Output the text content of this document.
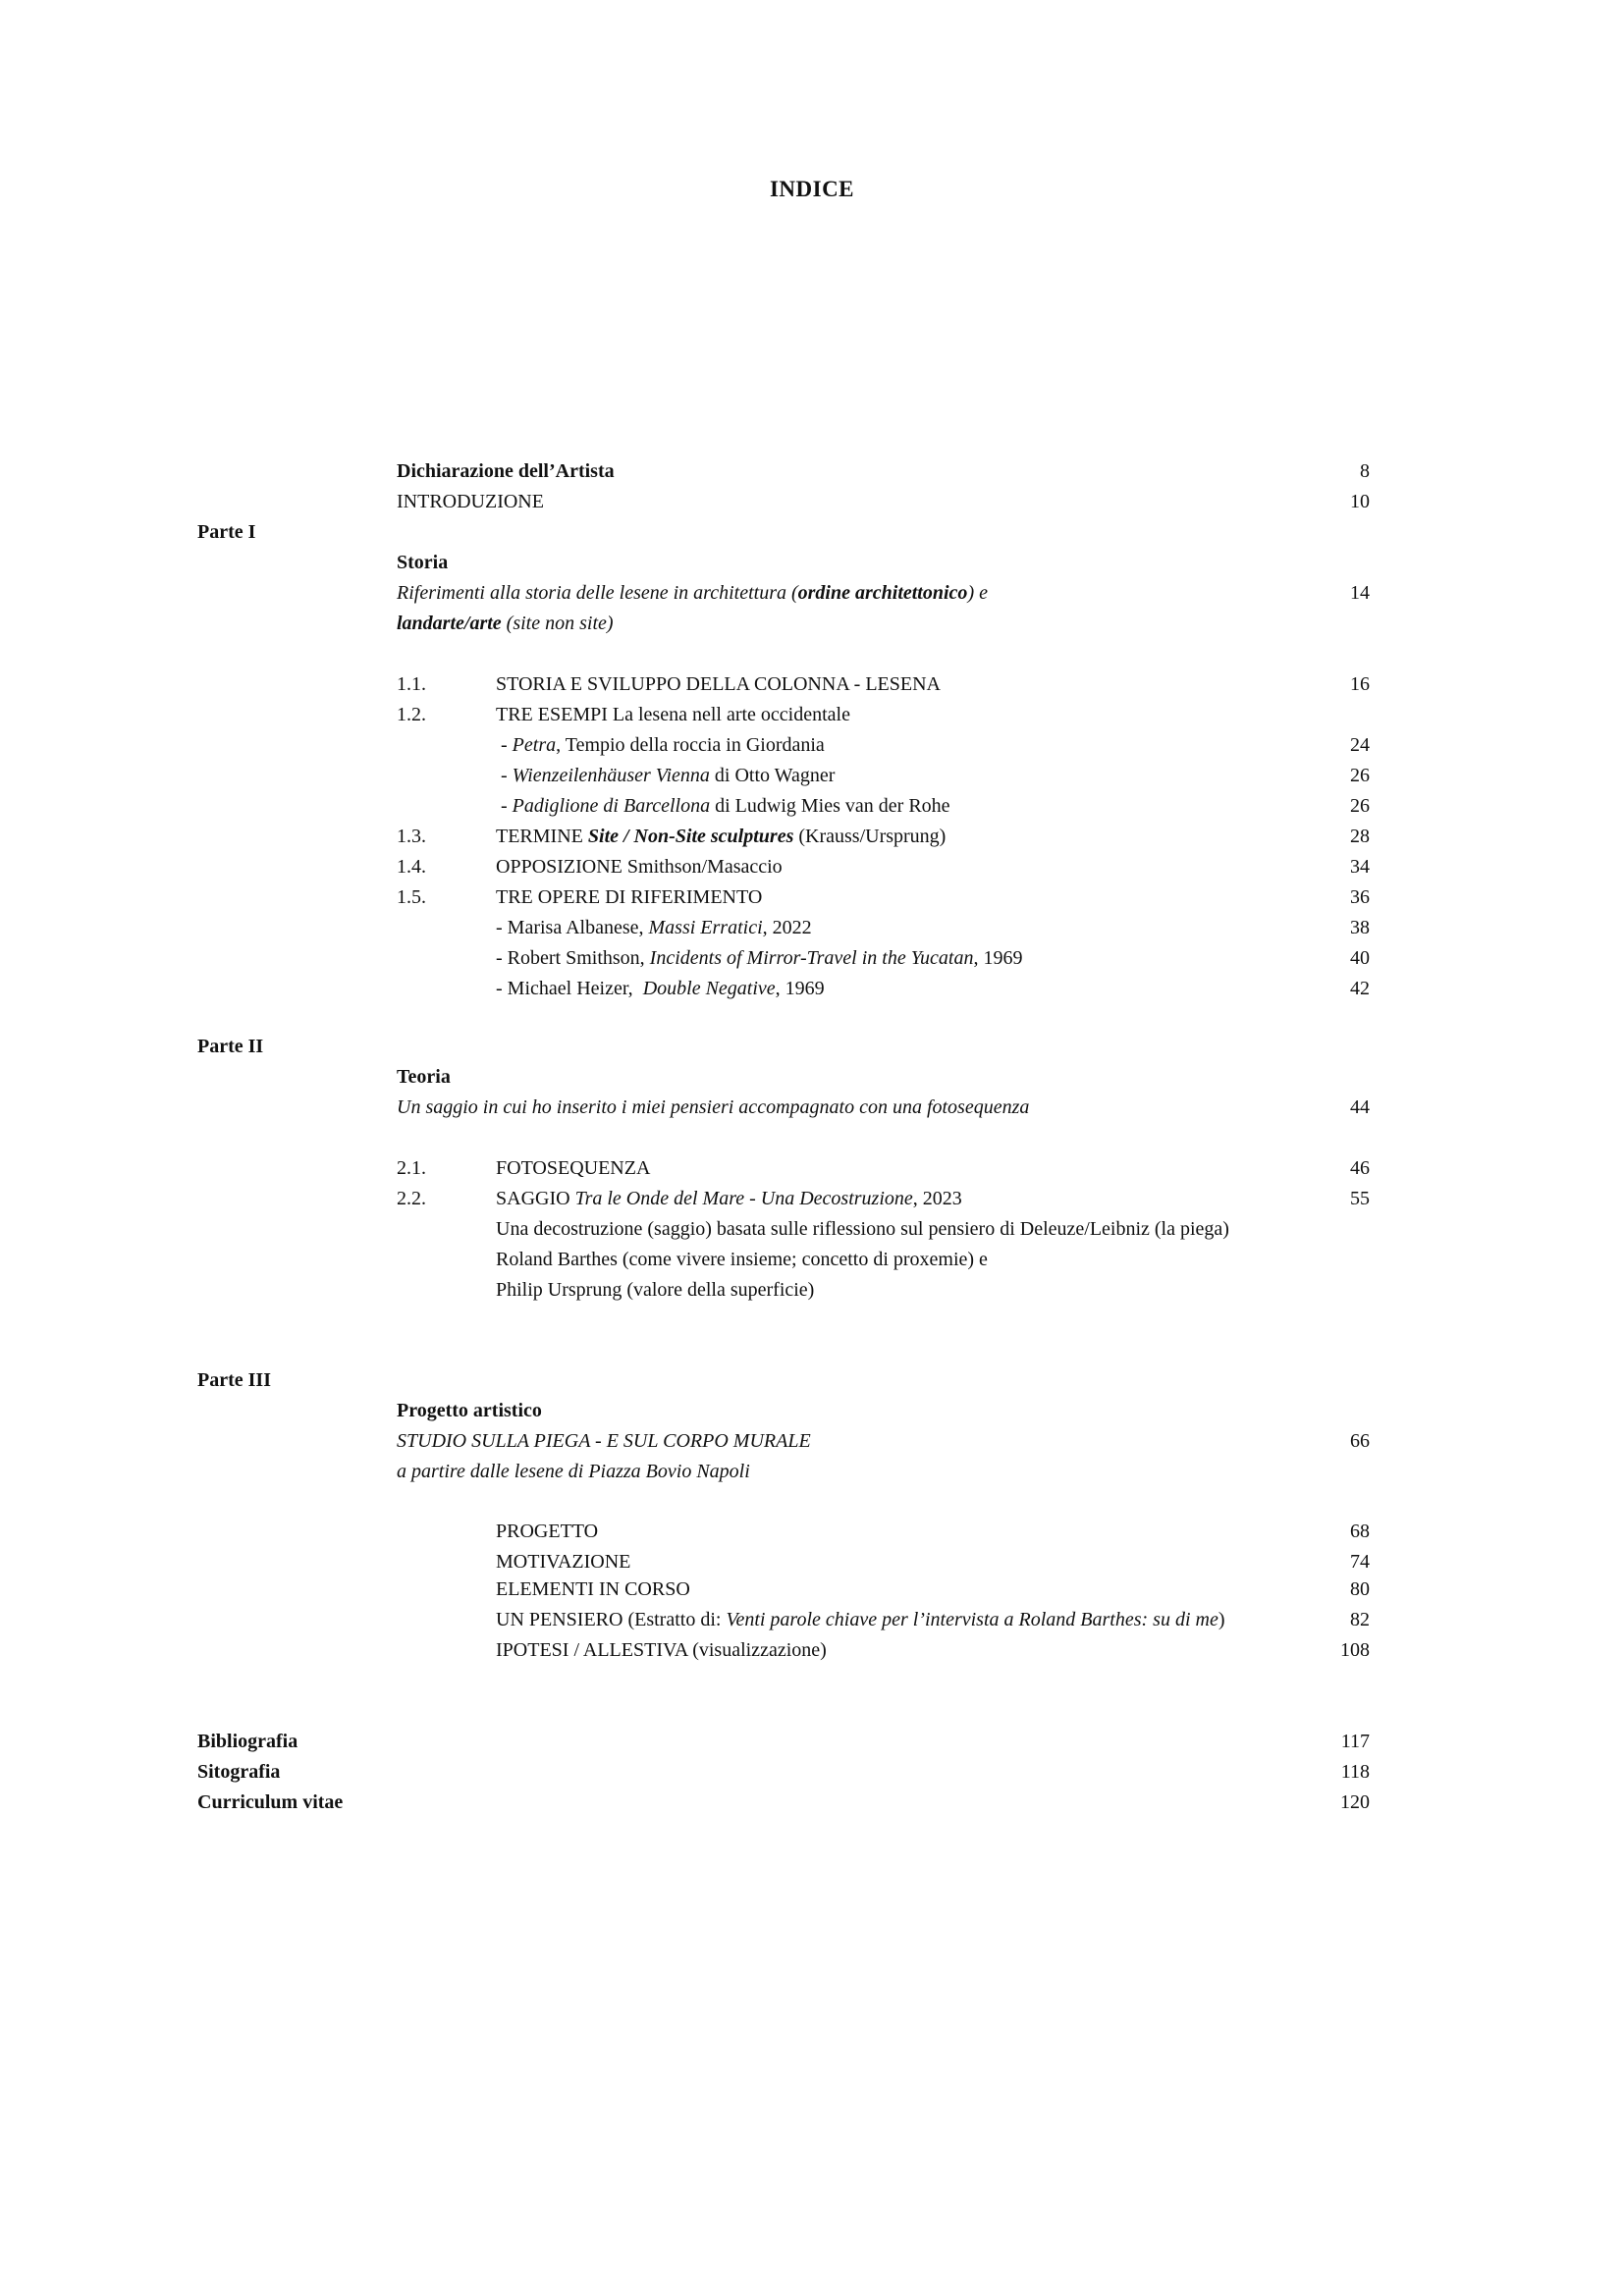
INDICE
Dichiarazione dell’Artista	8
INTRODUZIONE	10
Parte I
Storia
Riferimenti alla storia delle lesene in architettura (ordine architettonico) e	14
landarte/arte (site non site)
1.1.	STORIA E SVILUPPO DELLA COLONNA - LESENA	16
1.2.	TRE ESEMPI La lesena nell arte occidentale
- Petra, Tempio della roccia in Giordania	24
- Wienzeilenhäuser Vienna di Otto Wagner	26
- Padiglione di Barcellona di Ludwig Mies van der Rohe	26
1.3.	TERMINE Site / Non-Site sculptures (Krauss/Ursprung)	28
1.4.	OPPOSIZIONE Smithson/Masaccio	34
1.5.	TRE OPERE DI RIFERIMENTO	36
- Marisa Albanese, Massi Erratici, 2022	38
- Robert Smithson, Incidents of Mirror-Travel in the Yucatan, 1969	40
- Michael Heizer,  Double Negative, 1969	42
Parte II
Teoria
Un saggio in cui ho inserito i miei pensieri accompagnato con una fotosequenza	44
2.1.	FOTOSEQUENZA	46
2.2.	SAGGIO Tra le Onde del Mare - Una Decostruzione, 2023	55
Una decostruzione (saggio) basata sulle riflessiono sul pensiero di Deleuze/Leibniz (la piega)
Roland Barthes (come vivere insieme; concetto di proxemie) e
Philip Ursprung (valore della superficie)
Parte III
Progetto artistico
STUDIO SULLA PIEGA - E SUL CORPO MURALE	66
a partire dalle lesene di Piazza Bovio Napoli
PROGETTO	68
MOTIVAZIONE	74
ELEMENTI IN CORSO	80
UN PENSIERO (Estratto di: Venti parole chiave per l’intervista a Roland Barthes: su di me)	82
IPOTESI / ALLESTIVA (visualizzazione)	108
Bibliografia	117
Sitografia	118
Curriculum vitae	120
